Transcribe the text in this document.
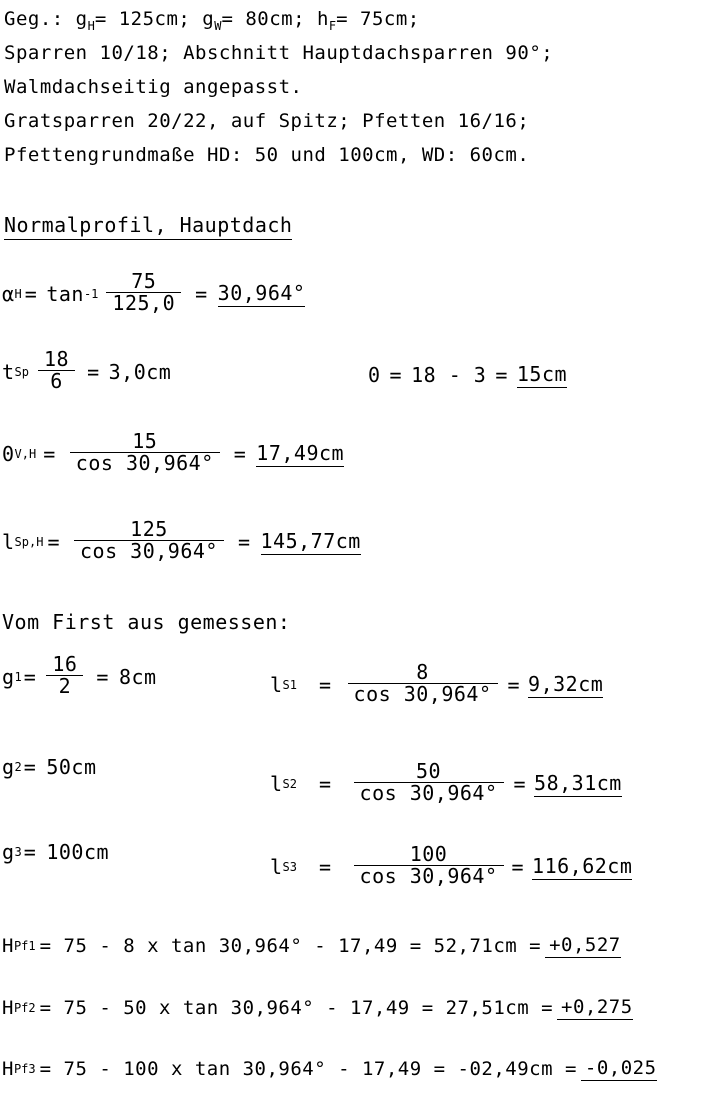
Geg.: $g_H= 125cm$; $g_W= 80cm$; $h_F= 75cm$;
Sparren 10/18; Abschnitt Hauptdachsparren 90°;
Walmdachseitig angepasst.
Gratsparren 20/22, auf Spitz; Pfetten 16/16;
Pfettengrundmaße HD: 50 und 100cm, WD: 60cm.
Normalprofil, Hauptdach
α $H = \tan -1 \frac{75}{125,0} = 30,964^\circ$
t Sp $\frac{18}{6} = 3,0cm$	0 = 18 - 3 = 15cm
0 $V,H = \frac{15}{\cos 30,964^\circ} = 17,49cm$
l $Sp,H = \frac{125}{\cos 30,964^\circ} = 145,77cm$
Vom First aus gemessen:
g $1 = \frac{16}{2} = 8cm$	l $S1 = \frac{8}{\cos 30,964^\circ} = 9,32cm$
g 2 = 50cm
l $S2 = \frac{50}{\cos 30,964^\circ} = 58,31cm$
g 3 = 100cm
l $S3 = \frac{100}{\cos 30,964^\circ} = 116,62cm$
H Pf1 = 75 - 8 x tan 30,964° - 17,49 = 52,71cm = +0,527
H Pf2 = 75 - 50 x tan 30,964° - 17,49 = 27,51cm = +0,275
H Pf3 = 75 - 100 x tan 30,964° - 17,49 = -02,49cm = -0,025
